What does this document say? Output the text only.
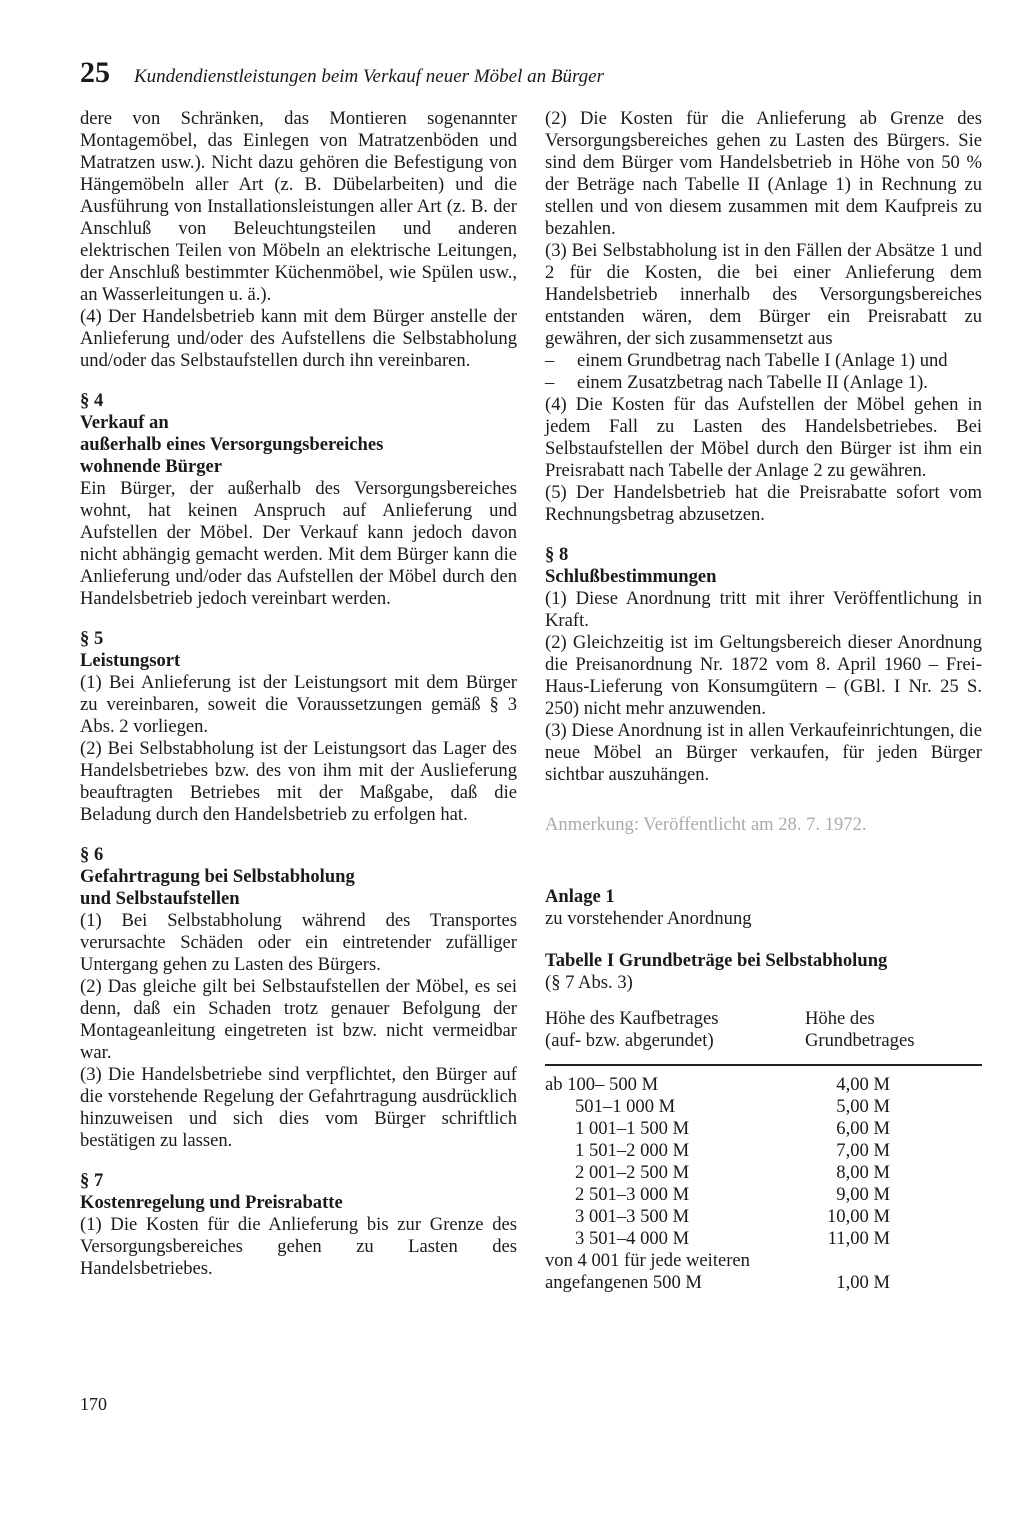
25 Kundendienstleistungen beim Verkauf neuer Möbel an Bürger

dere von Schränken, das Montieren sogenannter Montagemöbel, das Einlegen von Matratzenböden und Matratzen usw.). Nicht dazu gehören die Befestigung von Hängemöbeln aller Art (z. B. Dübelarbeiten) und die Ausführung von Installationsleistungen aller Art (z. B. der Anschluß von Beleuchtungsteilen und anderen elektrischen Teilen von Möbeln an elektrische Leitungen, der Anschluß bestimmter Küchenmöbel, wie Spülen usw., an Wasserleitungen u. ä.).

(4) Der Handelsbetrieb kann mit dem Bürger anstelle der Anlieferung und/oder des Aufstellens die Selbstabholung und/oder das Selbstaufstellen durch ihn vereinbaren.

§ 4
Verkauf an
außerhalb eines Versorgungsbereiches
wohnende Bürger

Ein Bürger, der außerhalb des Versorgungsbereiches wohnt, hat keinen Anspruch auf Anlieferung und Aufstellen der Möbel. Der Verkauf kann jedoch davon nicht abhängig gemacht werden. Mit dem Bürger kann die Anlieferung und/oder das Aufstellen der Möbel durch den Handelsbetrieb jedoch vereinbart werden.

§ 5
Leistungsort

(1) Bei Anlieferung ist der Leistungsort mit dem Bürger zu vereinbaren, soweit die Voraussetzungen gemäß § 3 Abs. 2 vorliegen.

(2) Bei Selbstabholung ist der Leistungsort das Lager des Handelsbetriebes bzw. des von ihm mit der Auslieferung beauftragten Betriebes mit der Maßgabe, daß die Beladung durch den Handelsbetrieb zu erfolgen hat.

§ 6
Gefahrtragung bei Selbstabholung
und Selbstaufstellen

(1) Bei Selbstabholung während des Transportes verursachte Schäden oder ein eintretender zufälliger Untergang gehen zu Lasten des Bürgers.

(2) Das gleiche gilt bei Selbstaufstellen der Möbel, es sei denn, daß ein Schaden trotz genauer Befolgung der Montageanleitung eingetreten ist bzw. nicht vermeidbar war.

(3) Die Handelsbetriebe sind verpflichtet, den Bürger auf die vorstehende Regelung der Gefahrtragung ausdrücklich hinzuweisen und sich dies vom Bürger schriftlich bestätigen zu lassen.

§ 7
Kostenregelung und Preisrabatte

(1) Die Kosten für die Anlieferung bis zur Grenze des Versorgungsbereiches gehen zu Lasten des Handelsbetriebes.

(2) Die Kosten für die Anlieferung ab Grenze des Versorgungsbereiches gehen zu Lasten des Bürgers. Sie sind dem Bürger vom Handelsbetrieb in Höhe von 50 % der Beträge nach Tabelle II (Anlage 1) in Rechnung zu stellen und von diesem zusammen mit dem Kaufpreis zu bezahlen.

(3) Bei Selbstabholung ist in den Fällen der Absätze 1 und 2 für die Kosten, die bei einer Anlieferung dem Handelsbetrieb innerhalb des Versorgungsbereiches entstanden wären, dem Bürger ein Preisrabatt zu gewähren, der sich zusammensetzt aus

–	einem Grundbetrag nach Tabelle I (Anlage 1) und

–	einem Zusatzbetrag nach Tabelle II (Anlage 1).

(4) Die Kosten für das Aufstellen der Möbel gehen in jedem Fall zu Lasten des Handelsbetriebes. Bei Selbstaufstellen der Möbel durch den Bürger ist ihm ein Preisrabatt nach Tabelle der Anlage 2 zu gewähren.

(5) Der Handelsbetrieb hat die Preisrabatte sofort vom Rechnungsbetrag abzusetzen.

§ 8
Schlußbestimmungen

(1) Diese Anordnung tritt mit ihrer Veröffentlichung in Kraft.

(2) Gleichzeitig ist im Geltungsbereich dieser Anordnung die Preisanordnung Nr. 1872 vom 8. April 1960 – Frei-Haus-Lieferung von Konsumgütern – (GBl. I Nr. 25 S. 250) nicht mehr anzuwenden.

(3) Diese Anordnung ist in allen Verkaufeinrichtungen, die neue Möbel an Bürger verkaufen, für jeden Bürger sichtbar auszuhängen.

Anmerkung: Veröffentlicht am 28. 7. 1972.
Anlage 1
zu vorstehender Anordnung
Tabelle I Grundbeträge bei Selbstabholung
(§ 7 Abs. 3)
Höhe des Kaufbetrages
(auf- bzw. abgerundet)
Höhe des
Grundbetrages
ab 100– 500 M	4,00 M
501–1 000 M	5,00 M
1 001–1 500 M	6,00 M
1 501–2 000 M	7,00 M
2 001–2 500 M	8,00 M
2 501–3 000 M	9,00 M
3 001–3 500 M	10,00 M
3 501–4 000 M	11,00 M
von 4 001 für jede weiteren
angefangenen 500 M	1,00 M
170
